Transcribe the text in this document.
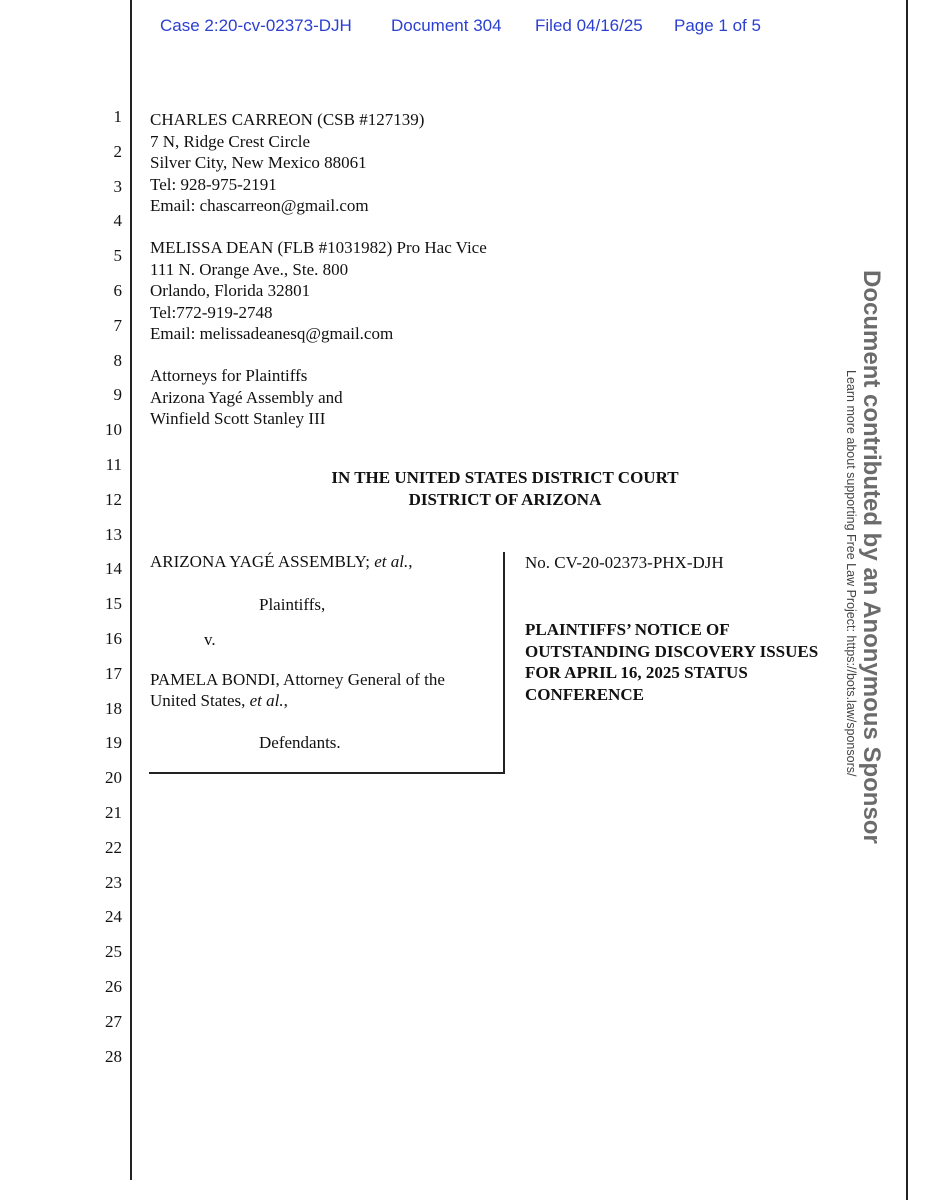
Case 2:20-cv-02373-DJH Document 304 Filed 04/16/25 Page 1 of 5
1
2
3
4
5
6
7
8
9
10
11
12
13
14
15
16
17
18
19
20
21
22
23
24
25
26
27
28
CHARLES CARREON (CSB #127139)
7 N, Ridge Crest Circle
Silver City, New Mexico 88061
Tel: 928-975-2191
Email: chascarreon@gmail.com
MELISSA DEAN (FLB #1031982) Pro Hac Vice
111 N. Orange Ave., Ste. 800
Orlando, Florida 32801
Tel:772-919-2748
Email: melissadeanesq@gmail.com
Attorneys for Plaintiffs
Arizona Yagé Assembly and
Winfield Scott Stanley III
IN THE UNITED STATES DISTRICT COURT
DISTRICT OF ARIZONA
ARIZONA YAGÉ ASSEMBLY; et al.,
Plaintiffs,
v.
PAMELA BONDI, Attorney General of the
United States, et al.,
Defendants.
No. CV-20-02373-PHX-DJH
PLAINTIFFS’ NOTICE OF
OUTSTANDING DISCOVERY ISSUES
FOR APRIL 16, 2025 STATUS
CONFERENCE	Document contributed by an Anonymous Sponsor
Learn more about supporting Free Law Project: https://bots.law/sponsors/
